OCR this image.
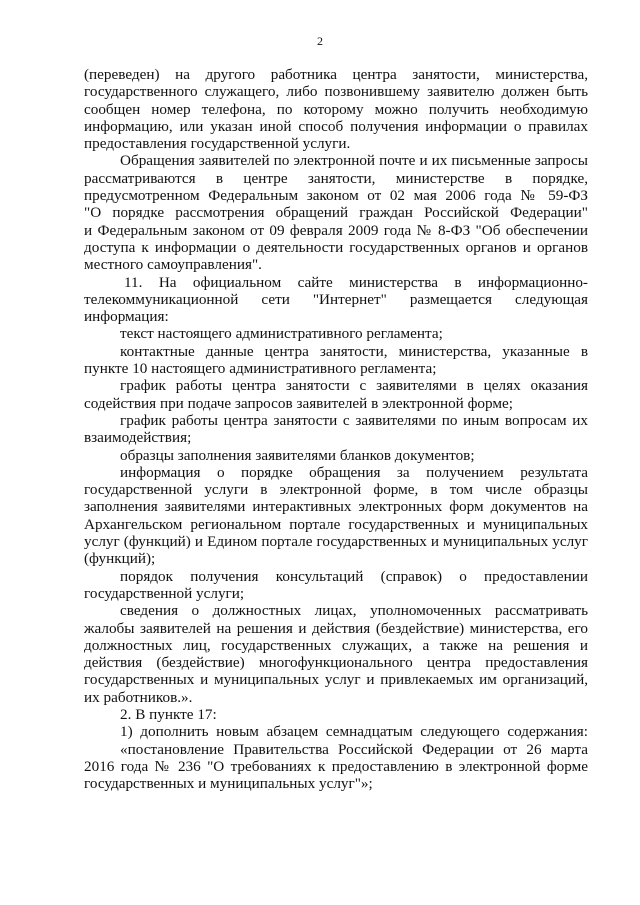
2
(переведен) на другого работника центра занятости, министерства,
государственного служащего, либо позвонившему заявителю должен быть
сообщен номер телефона, по которому можно получить необходимую
информацию, или указан иной способ получения информации о правилах
предоставления государственной услуги.
Обращения заявителей по электронной почте и их письменные запросы
рассматриваются в центре занятости, министерстве в порядке,
предусмотренном Федеральным законом от 02 мая 2006 года № 59-ФЗ
"О порядке рассмотрения обращений граждан Российской Федерации"
и Федеральным законом от 09 февраля 2009 года № 8-ФЗ "Об обеспечении
доступа к информации о деятельности государственных органов и органов
местного самоуправления".
11. На официальном сайте министерства в информационно-
телекоммуникационной сети "Интернет" размещается следующая
информация:
текст настоящего административного регламента;
контактные данные центра занятости, министерства, указанные в
пункте 10 настоящего административного регламента;
график работы центра занятости с заявителями в целях оказания
содействия при подаче запросов заявителей в электронной форме;
график работы центра занятости с заявителями по иным вопросам их
взаимодействия;
образцы заполнения заявителями бланков документов;
информация о порядке обращения за получением результата
государственной услуги в электронной форме, в том числе образцы
заполнения заявителями интерактивных электронных форм документов на
Архангельском региональном портале государственных и муниципальных
услуг (функций) и Едином портале государственных и муниципальных услуг
(функций);
порядок получения консультаций (справок) о предоставлении
государственной услуги;
сведения о должностных лицах, уполномоченных рассматривать
жалобы заявителей на решения и действия (бездействие) министерства, его
должностных лиц, государственных служащих, а также на решения и
действия (бездействие) многофункционального центра предоставления
государственных и муниципальных услуг и привлекаемых им организаций,
их работников.».
2. В пункте 17:
1) дополнить новым абзацем семнадцатым следующего содержания:
«постановление Правительства Российской Федерации от 26 марта
2016 года № 236 "О требованиях к предоставлению в электронной форме
государственных и муниципальных услуг"»;
